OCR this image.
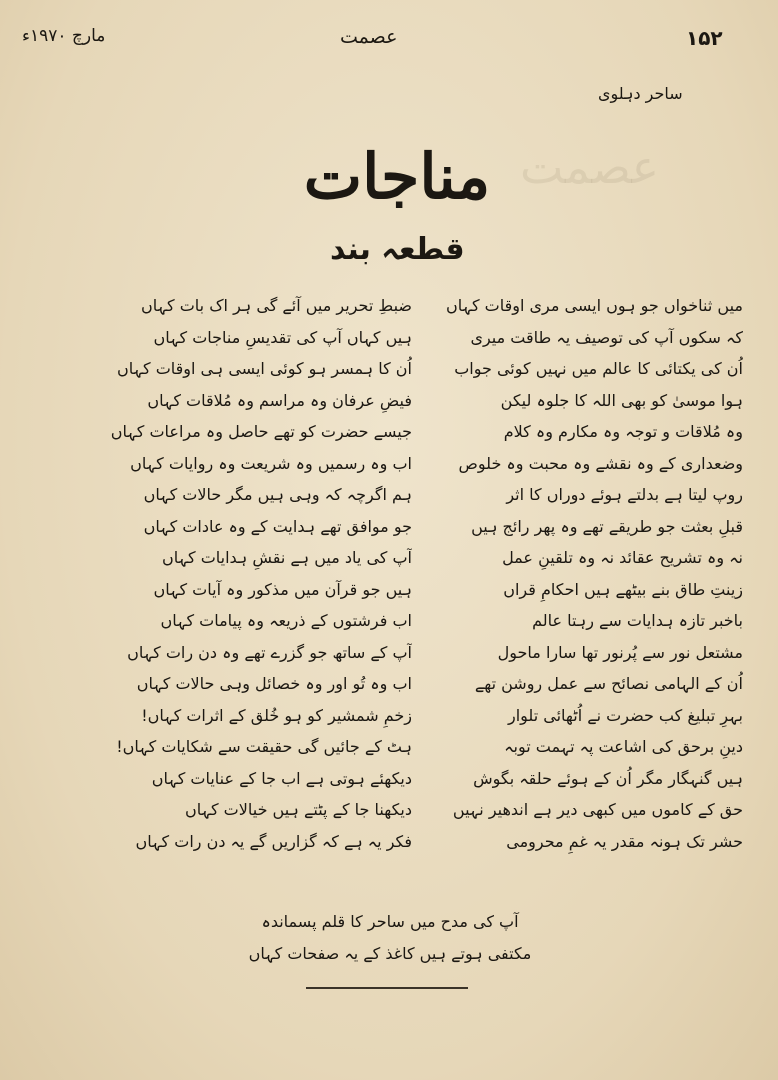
۱۵۲
عصمت
مارچ ۱۹۷۰ء
ساحر دہلوی
عصمت
مناجات
قطعہ بند
میں ثناخواں جو ہوں ایسی مری اوقات کہاں
کہ سکوں آپ کی توصیف یہ طاقت میری
اُن کی یکتائی کا عالم میں نہیں کوئی جواب
ہوا موسیٰ کو بھی اللہ کا جلوہ لیکن
وہ مُلاقات و توجہ وہ مکارم وہ کلام
وضعداری کے وہ نقشے وہ محبت وہ خلوص
روپ لیتا ہے بدلتے ہوئے دوراں کا اثر
قبلِ بعثت جو طریقے تھے وہ پھر رائج ہیں
نہ وہ تشریح عقائد نہ وہ تلقینِ عمل
زینتِ طاق بنے بیٹھے ہیں احکامِ قراں
باخبر تازہ ہدایات سے رہتا عالم
مشتعل نور سے پُرنور تھا سارا ماحول
اُن کے الہامی نصائح سے عمل روشن تھے
بہرِ تبلیغ کب حضرت نے اُٹھائی تلوار
دینِ برحق کی اشاعت پہ تہمت توبہ
ہیں گنہگار مگر اُن کے ہوئے حلقہ بگوش
حق کے کاموں میں کبھی دیر ہے اندھیر نہیں
حشر تک ہونہ مقدر یہ غمِ محرومی
ضبطِ تحریر میں آئے گی ہر اک بات کہاں
ہیں کہاں آپ کی تقدیسِ مناجات کہاں
اُن کا ہمسر ہو کوئی ایسی ہی اوقات کہاں
فیضِ عرفان وہ مراسم وہ مُلاقات کہاں
جیسے حضرت کو تھے حاصل وہ مراعات کہاں
اب وہ رسمیں وہ شریعت وہ روایات کہاں
ہم اگرچہ کہ وہی ہیں مگر حالات کہاں
جو موافق تھے ہدایت کے وہ عادات کہاں
آپ کی یاد میں ہے نقشِ ہدایات کہاں
ہیں جو قرآن میں مذکور وہ آیات کہاں
اب فرشتوں کے ذریعہ وہ پیامات کہاں
آپ کے ساتھ جو گزرے تھے وہ دن رات کہاں
اب وہ تُو اور وہ خصائل وہی حالات کہاں
زخمِ شمشیر کو ہو خُلق کے اثرات کہاں!
ہٹ کے جائیں گی حقیقت سے شکایات کہاں!
دیکھئے ہوتی ہے اب جا کے عنایات کہاں
دیکھنا جا کے پٹتے ہیں خیالات کہاں
فکر یہ ہے کہ گزاریں گے یہ دن رات کہاں
آپ کی مدح میں ساحر کا قلم پسماندہ
مکتفی ہوتے ہیں کاغذ کے یہ صفحات کہاں
